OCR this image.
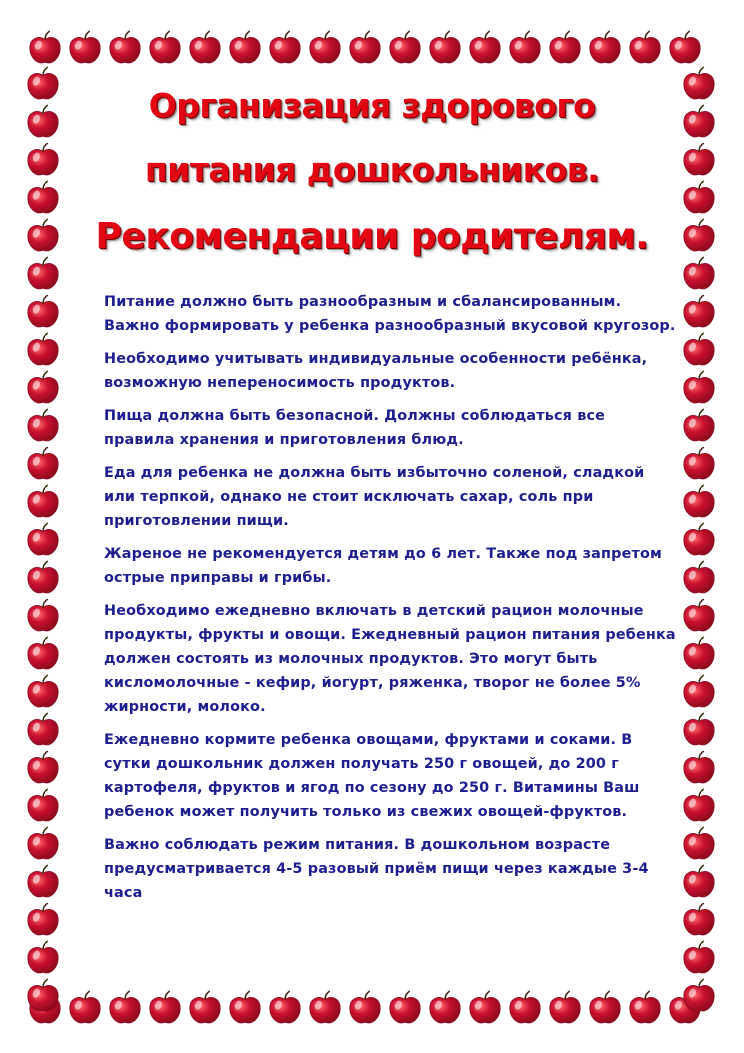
Организация здорового
питания дошкольников.
Рекомендации родителям.

Питание должно быть разнообразным и сбалансированным. Важно формировать у ребенка разнообразный вкусовой кругозор.

Необходимо учитывать индивидуальные особенности ребёнка, возможную непереносимость продуктов.

Пища должна быть безопасной. Должны соблюдаться все правила хранения и приготовления блюд.

Еда для ребенка не должна быть избыточно соленой, сладкой или терпкой, однако не стоит исключать сахар, соль при приготовлении пищи.

Жареное не рекомендуется детям до 6 лет. Также под запретом острые приправы и грибы.

Необходимо ежедневно включать в детский рацион молочные продукты, фрукты и овощи. Ежедневный рацион питания ребенка должен состоять из молочных продуктов. Это могут быть кисломолочные - кефир, йогурт, ряженка, творог не более 5% жирности, молоко.

Ежедневно кормите ребенка овощами, фруктами и соками. В сутки дошкольник должен получать 250 г овощей, до 200 г картофеля, фруктов и ягод по сезону до 250 г. Витамины Ваш ребенок может получить только из свежих овощей-фруктов.

Важно соблюдать режим питания. В дошкольном возрасте предусматривается 4-5 разовый приём пищи через каждые 3-4 часа
